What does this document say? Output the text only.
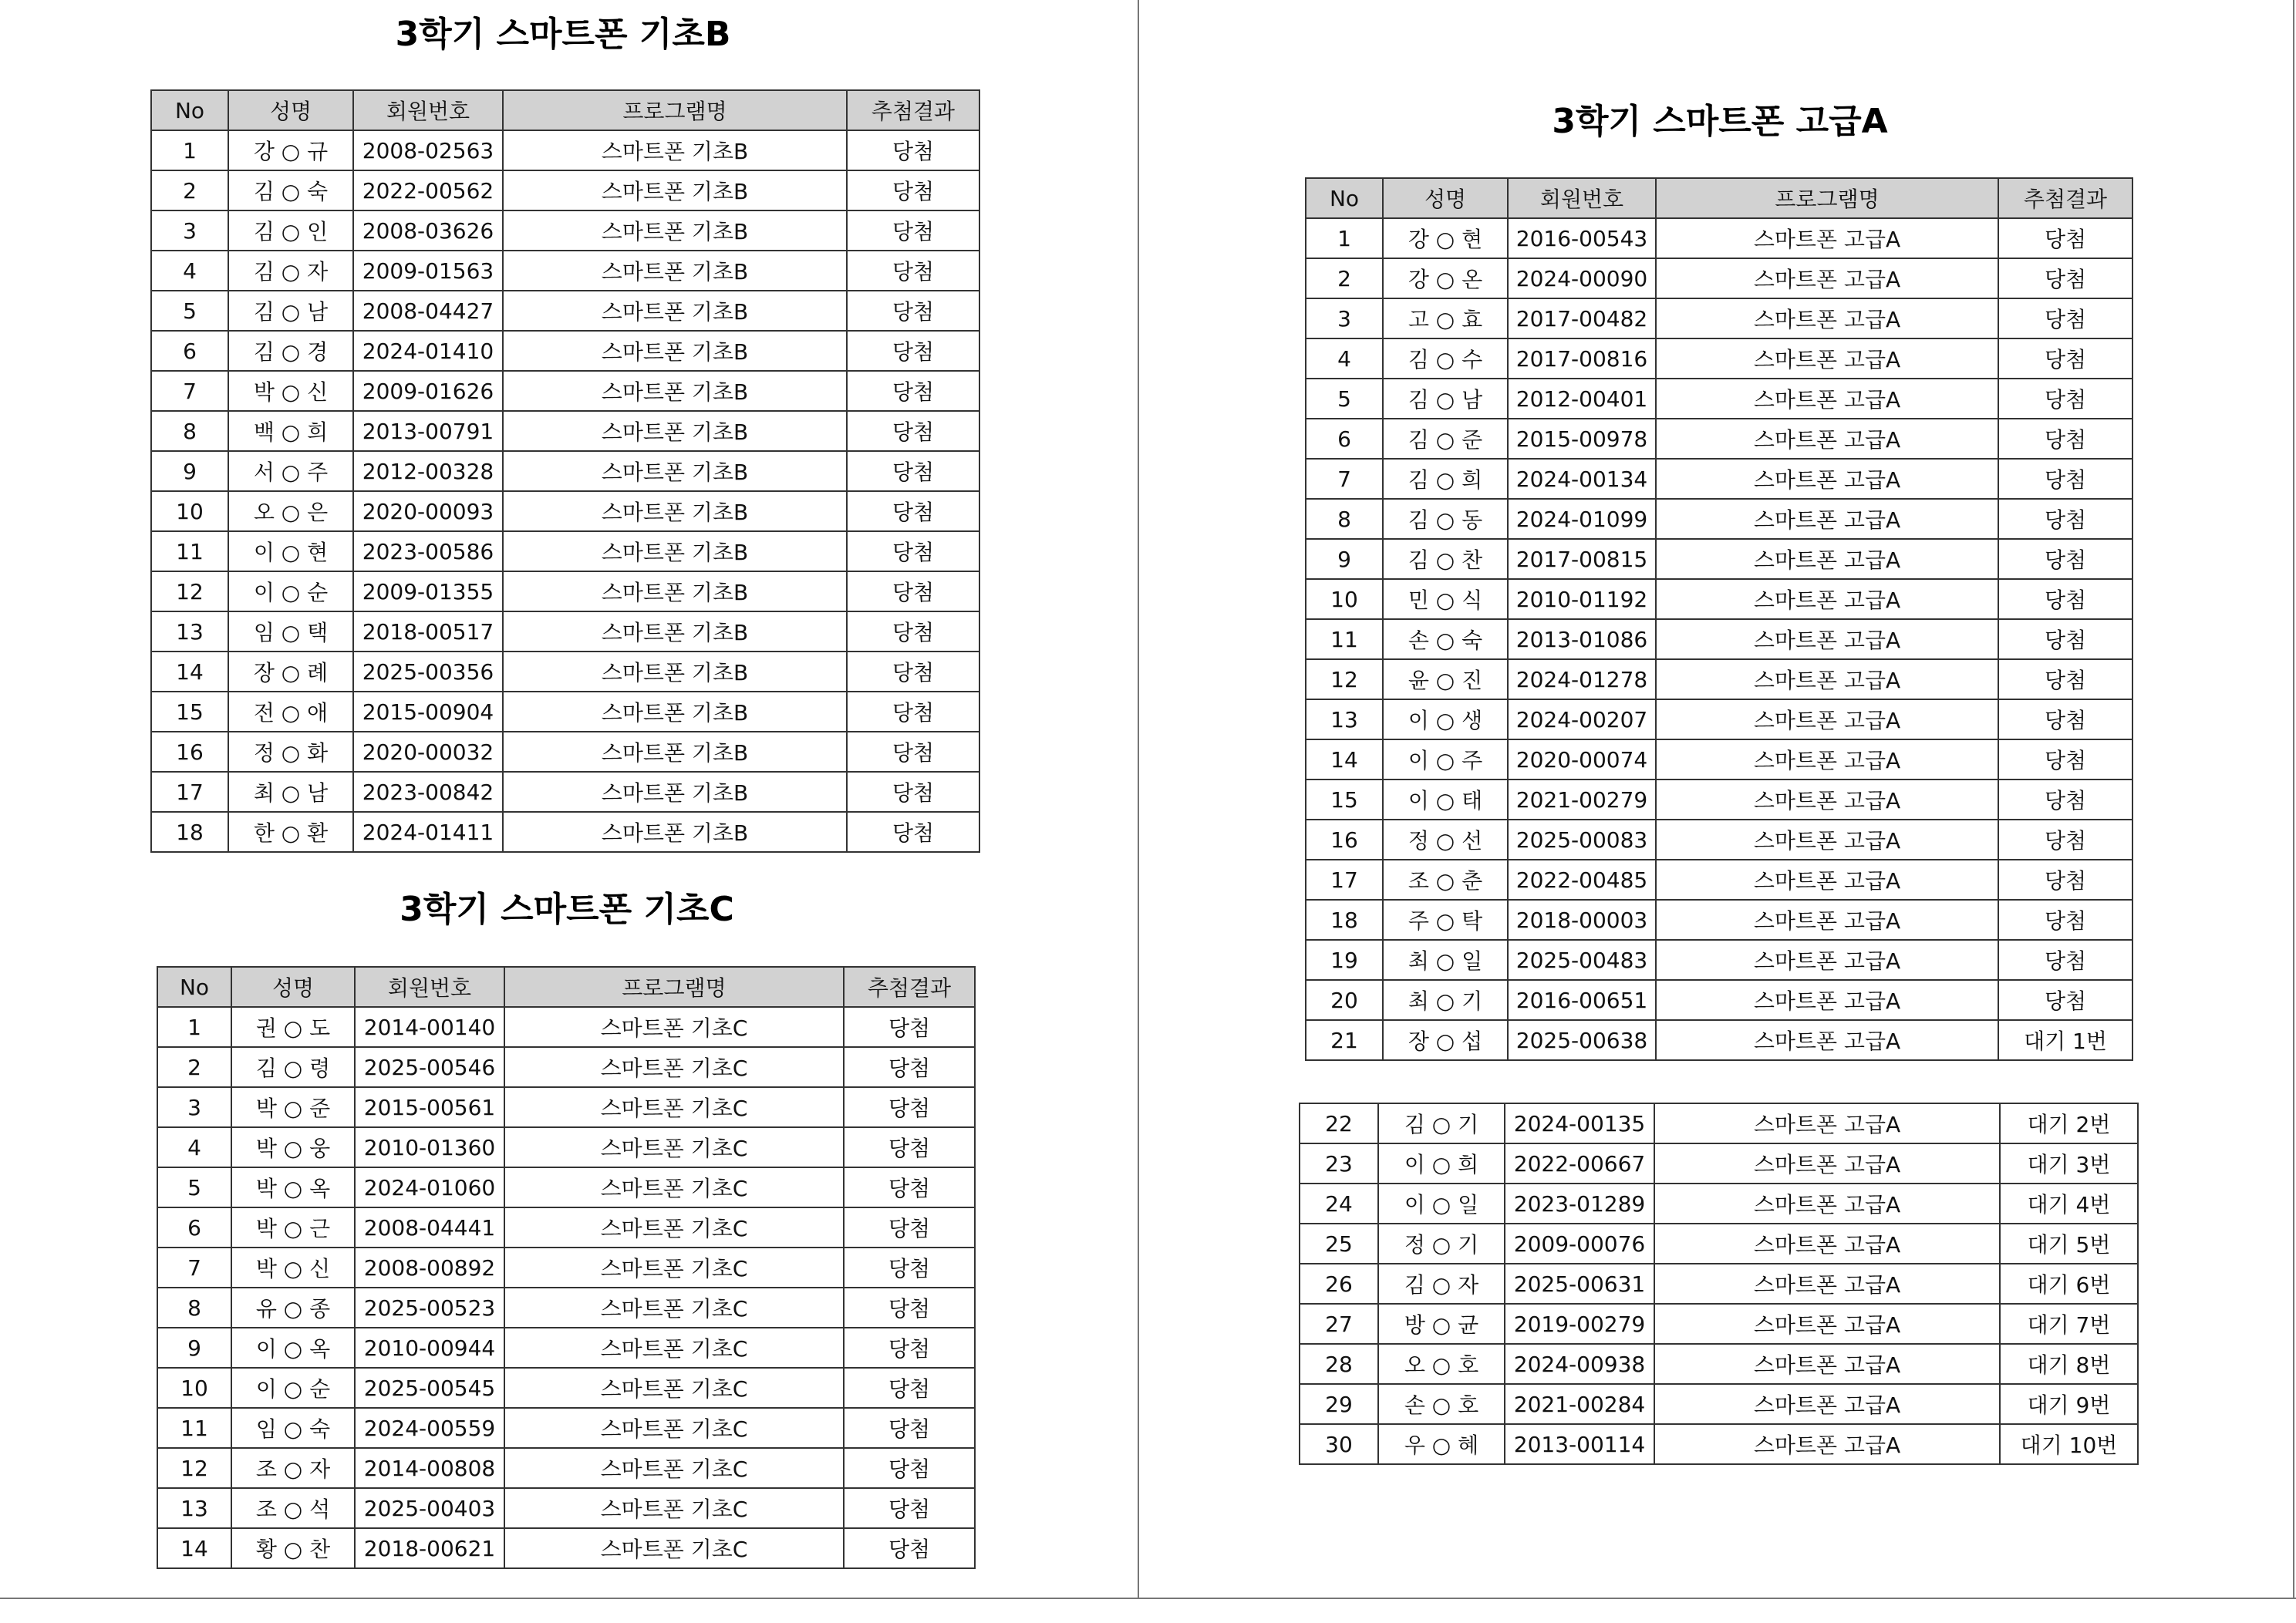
3학기 스마트폰 기초B
No	성명	회원번호	프로그램명	추첨결과
1	강 ○ 규	2008-02563	스마트폰 기초B	당첨
2	김 ○ 숙	2022-00562	스마트폰 기초B	당첨
3	김 ○ 인	2008-03626	스마트폰 기초B	당첨
4	김 ○ 자	2009-01563	스마트폰 기초B	당첨
5	김 ○ 남	2008-04427	스마트폰 기초B	당첨
6	김 ○ 경	2024-01410	스마트폰 기초B	당첨
7	박 ○ 신	2009-01626	스마트폰 기초B	당첨
8	백 ○ 희	2013-00791	스마트폰 기초B	당첨
9	서 ○ 주	2012-00328	스마트폰 기초B	당첨
10	오 ○ 은	2020-00093	스마트폰 기초B	당첨
11	이 ○ 현	2023-00586	스마트폰 기초B	당첨
12	이 ○ 순	2009-01355	스마트폰 기초B	당첨
13	임 ○ 택	2018-00517	스마트폰 기초B	당첨
14	장 ○ 례	2025-00356	스마트폰 기초B	당첨
15	전 ○ 애	2015-00904	스마트폰 기초B	당첨
16	정 ○ 화	2020-00032	스마트폰 기초B	당첨
17	최 ○ 남	2023-00842	스마트폰 기초B	당첨
18	한 ○ 환	2024-01411	스마트폰 기초B	당첨
3학기 스마트폰 기초C
No	성명	회원번호	프로그램명	추첨결과
1	권 ○ 도	2014-00140	스마트폰 기초C	당첨
2	김 ○ 령	2025-00546	스마트폰 기초C	당첨
3	박 ○ 준	2015-00561	스마트폰 기초C	당첨
4	박 ○ 웅	2010-01360	스마트폰 기초C	당첨
5	박 ○ 옥	2024-01060	스마트폰 기초C	당첨
6	박 ○ 근	2008-04441	스마트폰 기초C	당첨
7	박 ○ 신	2008-00892	스마트폰 기초C	당첨
8	유 ○ 종	2025-00523	스마트폰 기초C	당첨
9	이 ○ 옥	2010-00944	스마트폰 기초C	당첨
10	이 ○ 순	2025-00545	스마트폰 기초C	당첨
11	임 ○ 숙	2024-00559	스마트폰 기초C	당첨
12	조 ○ 자	2014-00808	스마트폰 기초C	당첨
13	조 ○ 석	2025-00403	스마트폰 기초C	당첨
14	황 ○ 찬	2018-00621	스마트폰 기초C	당첨
3학기 스마트폰 고급A
No	성명	회원번호	프로그램명	추첨결과
1	강 ○ 현	2016-00543	스마트폰 고급A	당첨
2	강 ○ 온	2024-00090	스마트폰 고급A	당첨
3	고 ○ 효	2017-00482	스마트폰 고급A	당첨
4	김 ○ 수	2017-00816	스마트폰 고급A	당첨
5	김 ○ 남	2012-00401	스마트폰 고급A	당첨
6	김 ○ 준	2015-00978	스마트폰 고급A	당첨
7	김 ○ 희	2024-00134	스마트폰 고급A	당첨
8	김 ○ 동	2024-01099	스마트폰 고급A	당첨
9	김 ○ 찬	2017-00815	스마트폰 고급A	당첨
10	민 ○ 식	2010-01192	스마트폰 고급A	당첨
11	손 ○ 숙	2013-01086	스마트폰 고급A	당첨
12	윤 ○ 진	2024-01278	스마트폰 고급A	당첨
13	이 ○ 생	2024-00207	스마트폰 고급A	당첨
14	이 ○ 주	2020-00074	스마트폰 고급A	당첨
15	이 ○ 태	2021-00279	스마트폰 고급A	당첨
16	정 ○ 선	2025-00083	스마트폰 고급A	당첨
17	조 ○ 춘	2022-00485	스마트폰 고급A	당첨
18	주 ○ 탁	2018-00003	스마트폰 고급A	당첨
19	최 ○ 일	2025-00483	스마트폰 고급A	당첨
20	최 ○ 기	2016-00651	스마트폰 고급A	당첨
21	장 ○ 섭	2025-00638	스마트폰 고급A	대기 1번
22	김 ○ 기	2024-00135	스마트폰 고급A	대기 2번
23	이 ○ 희	2022-00667	스마트폰 고급A	대기 3번
24	이 ○ 일	2023-01289	스마트폰 고급A	대기 4번
25	정 ○ 기	2009-00076	스마트폰 고급A	대기 5번
26	김 ○ 자	2025-00631	스마트폰 고급A	대기 6번
27	방 ○ 균	2019-00279	스마트폰 고급A	대기 7번
28	오 ○ 호	2024-00938	스마트폰 고급A	대기 8번
29	손 ○ 호	2021-00284	스마트폰 고급A	대기 9번
30	우 ○ 혜	2013-00114	스마트폰 고급A	대기 10번
